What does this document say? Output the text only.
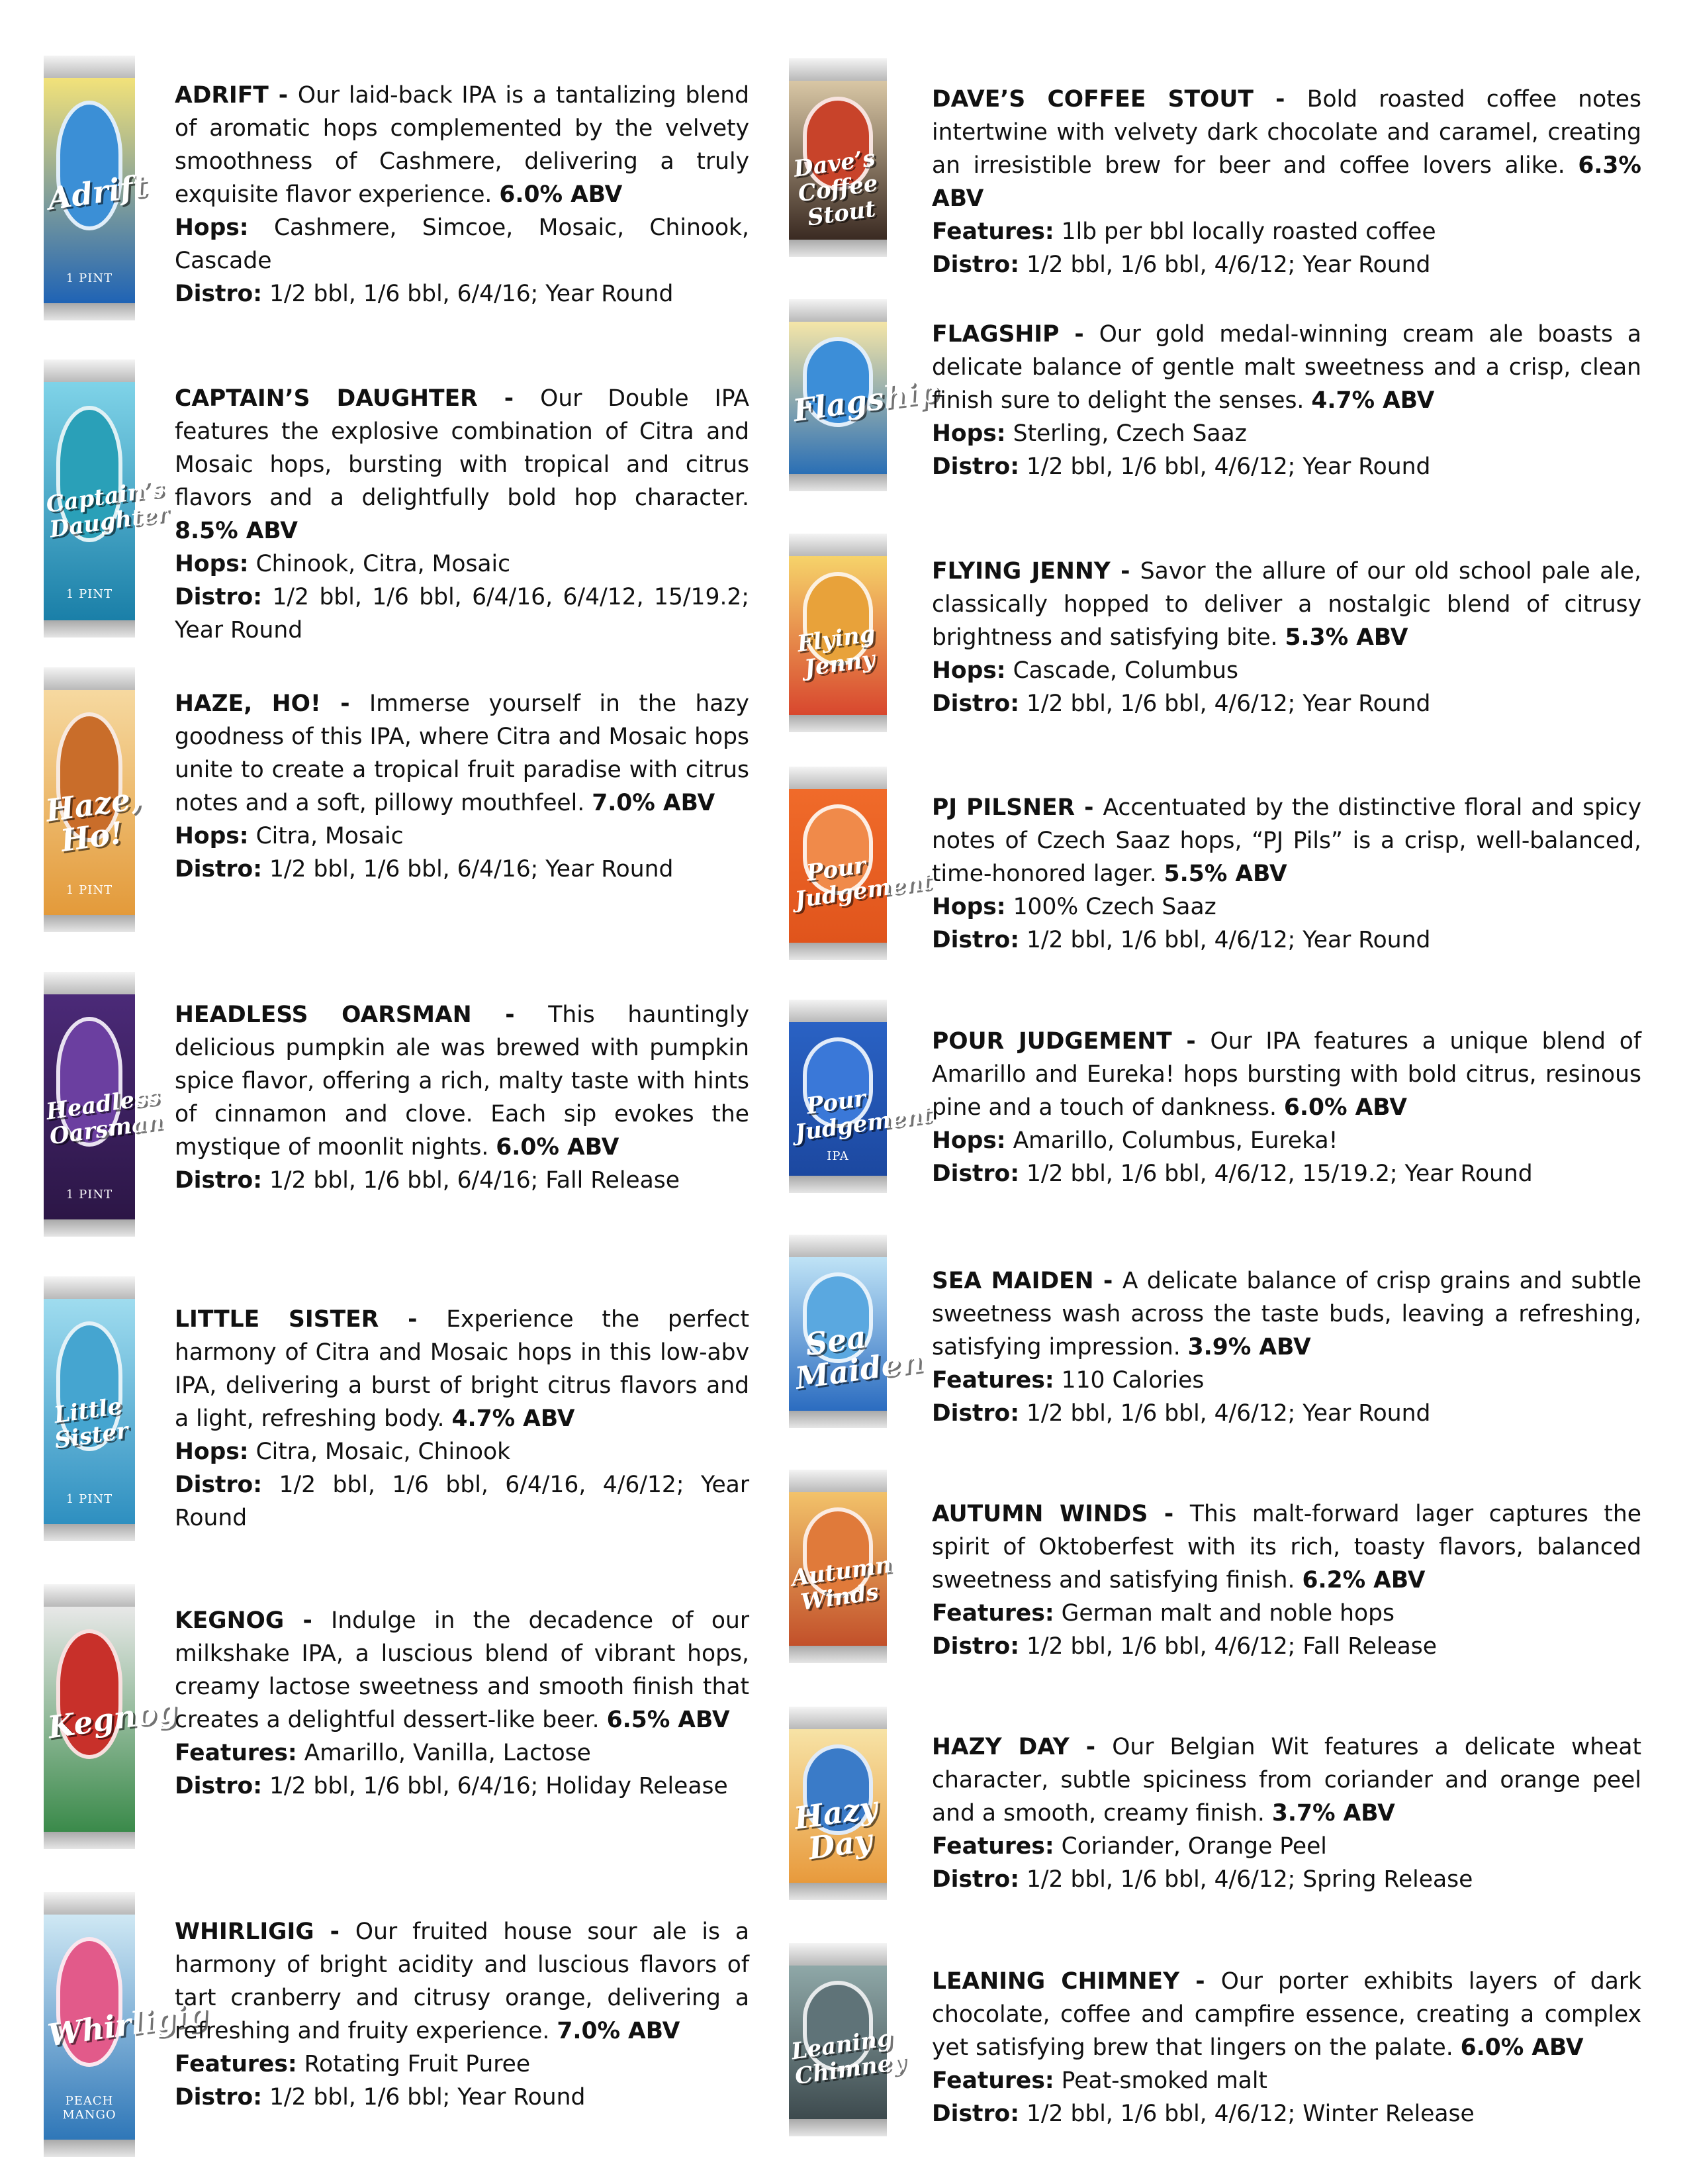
Adrift
1 PINT

ADRIFT - Our laid-back IPA is a tantalizing blend of aromatic hops complemented by the velvety smoothness of Cashmere, delivering a truly exquisite flavor experience. 6.0% ABV

Hops: Cashmere, Simcoe, Mosaic, Chinook, Cascade

Distro: 1/2 bbl, 1/6 bbl, 6/4/16; Year Round

Captain’s Daughter
1 PINT

CAPTAIN’S DAUGHTER - Our Double IPA features the explosive combination of Citra and Mosaic hops, bursting with tropical and citrus flavors and a delightfully bold hop character. 8.5% ABV

Hops: Chinook, Citra, Mosaic

Distro: 1/2 bbl, 1/6 bbl, 6/4/16, 6/4/12, 15/19.2; Year Round

Haze, Ho!
1 PINT

HAZE, HO! - Immerse yourself in the hazy goodness of this IPA, where Citra and Mosaic hops unite to create a tropical fruit paradise with citrus notes and a soft, pillowy mouthfeel. 7.0% ABV

Hops: Citra, Mosaic

Distro: 1/2 bbl, 1/6 bbl, 6/4/16; Year Round

Headless Oarsman
1 PINT

HEADLESS OARSMAN - This hauntingly delicious pumpkin ale was brewed with pumpkin spice flavor, offering a rich, malty taste with hints of cinnamon and clove. Each sip evokes the mystique of moonlit nights. 6.0% ABV

Distro: 1/2 bbl, 1/6 bbl, 6/4/16; Fall Release

Little Sister
1 PINT

LITTLE SISTER - Experience the perfect harmony of Citra and Mosaic hops in this low-abv IPA, delivering a burst of bright citrus flavors and a light, refreshing body. 4.7% ABV

Hops: Citra, Mosaic, Chinook

Distro: 1/2 bbl, 1/6 bbl, 6/4/16, 4/6/12; Year Round

Kegnog

KEGNOG - Indulge in the decadence of our milkshake IPA, a luscious blend of vibrant hops, creamy lactose sweetness and smooth finish that creates a delightful dessert-like beer. 6.5% ABV

Features: Amarillo, Vanilla, Lactose

Distro: 1/2 bbl, 1/6 bbl, 6/4/16; Holiday Release

Whirligig
PEACH MANGO

WHIRLIGIG - Our fruited house sour ale is a harmony of bright acidity and luscious flavors of tart cranberry and citrusy orange, delivering a refreshing and fruity experience. 7.0% ABV

Features: Rotating Fruit Puree

Distro: 1/2 bbl, 1/6 bbl; Year Round

Dave’s Coffee Stout

DAVE’S COFFEE STOUT - Bold roasted coffee notes intertwine with velvety dark chocolate and caramel, creating an irresistible brew for beer and coffee lovers alike. 6.3% ABV

Features: 1lb per bbl locally roasted coffee

Distro: 1/2 bbl, 1/6 bbl, 4/6/12; Year Round

Flagship

FLAGSHIP - Our gold medal-winning cream ale boasts a delicate balance of gentle malt sweetness and a crisp, clean finish sure to delight the senses. 4.7% ABV

Hops: Sterling, Czech Saaz

Distro: 1/2 bbl, 1/6 bbl, 4/6/12; Year Round

Flying Jenny

FLYING JENNY - Savor the allure of our old school pale ale, classically hopped to deliver a nostalgic blend of citrusy brightness and satisfying bite. 5.3% ABV

Hops: Cascade, Columbus

Distro: 1/2 bbl, 1/6 bbl, 4/6/12; Year Round

Pour Judgement

PJ PILSNER - Accentuated by the distinctive floral and spicy notes of Czech Saaz hops, “PJ Pils” is a crisp, well-balanced, time-honored lager. 5.5% ABV

Hops: 100% Czech Saaz

Distro: 1/2 bbl, 1/6 bbl, 4/6/12; Year Round

Pour Judgement
IPA

POUR JUDGEMENT - Our IPA features a unique blend of Amarillo and Eureka! hops bursting with bold citrus, resinous pine and a touch of dankness. 6.0% ABV

Hops: Amarillo, Columbus, Eureka!

Distro: 1/2 bbl, 1/6 bbl, 4/6/12, 15/19.2; Year Round

Sea Maiden

SEA MAIDEN - A delicate balance of crisp grains and subtle sweetness wash across the taste buds, leaving a refreshing, satisfying impression. 3.9% ABV

Features: 110 Calories

Distro: 1/2 bbl, 1/6 bbl, 4/6/12; Year Round

Autumn Winds

AUTUMN WINDS - This malt-forward lager captures the spirit of Oktoberfest with its rich, toasty flavors, balanced sweetness and satisfying finish. 6.2% ABV

Features: German malt and noble hops

Distro: 1/2 bbl, 1/6 bbl, 4/6/12; Fall Release

Hazy Day

HAZY DAY - Our Belgian Wit features a delicate wheat character, subtle spiciness from coriander and orange peel and a smooth, creamy finish. 3.7% ABV

Features: Coriander, Orange Peel

Distro: 1/2 bbl, 1/6 bbl, 4/6/12; Spring Release

Leaning Chimney

LEANING CHIMNEY - Our porter exhibits layers of dark chocolate, coffee and campfire essence, creating a complex yet satisfying brew that lingers on the palate. 6.0% ABV

Features: Peat-smoked malt

Distro: 1/2 bbl, 1/6 bbl, 4/6/12; Winter Release
